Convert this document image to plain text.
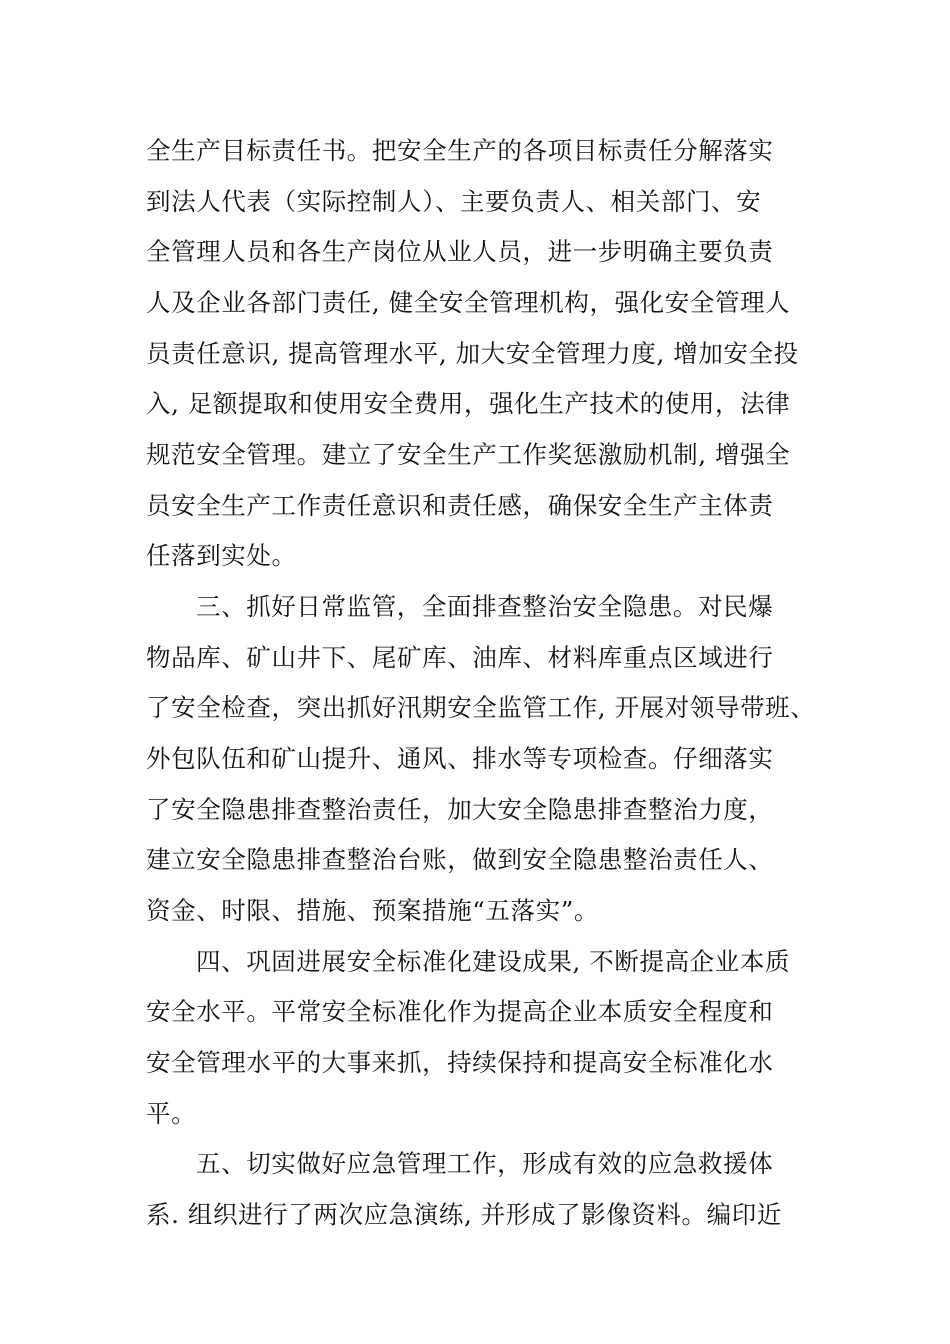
全生产目标责任书。把安全生产的各项目标责任分解落实
到法人代表（实际控制人）、主要负责人、相关部门、安
全管理人员和各生产岗位从业人员，进一步明确主要负责
人及企业各部门责任, 健全安全管理机构，强化安全管理人
员责任意识, 提高管理水平, 加大安全管理力度, 增加安全投
入, 足额提取和使用安全费用，强化生产技术的使用，法律
规范安全管理。建立了安全生产工作奖惩激励机制, 增强全
员安全生产工作责任意识和责任感，确保安全生产主体责
任落到实处。
三、抓好日常监管，全面排查整治安全隐患。对民爆
物品库、矿山井下、尾矿库、油库、材料库重点区域进行
了安全检查，突出抓好汛期安全监管工作, 开展对领导带班、
外包队伍和矿山提升、通风、排水等专项检查。仔细落实
了安全隐患排查整治责任，加大安全隐患排查整治力度，
建立安全隐患排查整治台账，做到安全隐患整治责任人、
资金、时限、措施、预案措施“五落实”。
四、巩固进展安全标准化建设成果, 不断提高企业本质
安全水平。平常安全标准化作为提高企业本质安全程度和
安全管理水平的大事来抓，持续保持和提高安全标准化水
平。
五、切实做好应急管理工作，形成有效的应急救援体
系. 组织进行了两次应急演练, 并形成了影像资料。编印近
